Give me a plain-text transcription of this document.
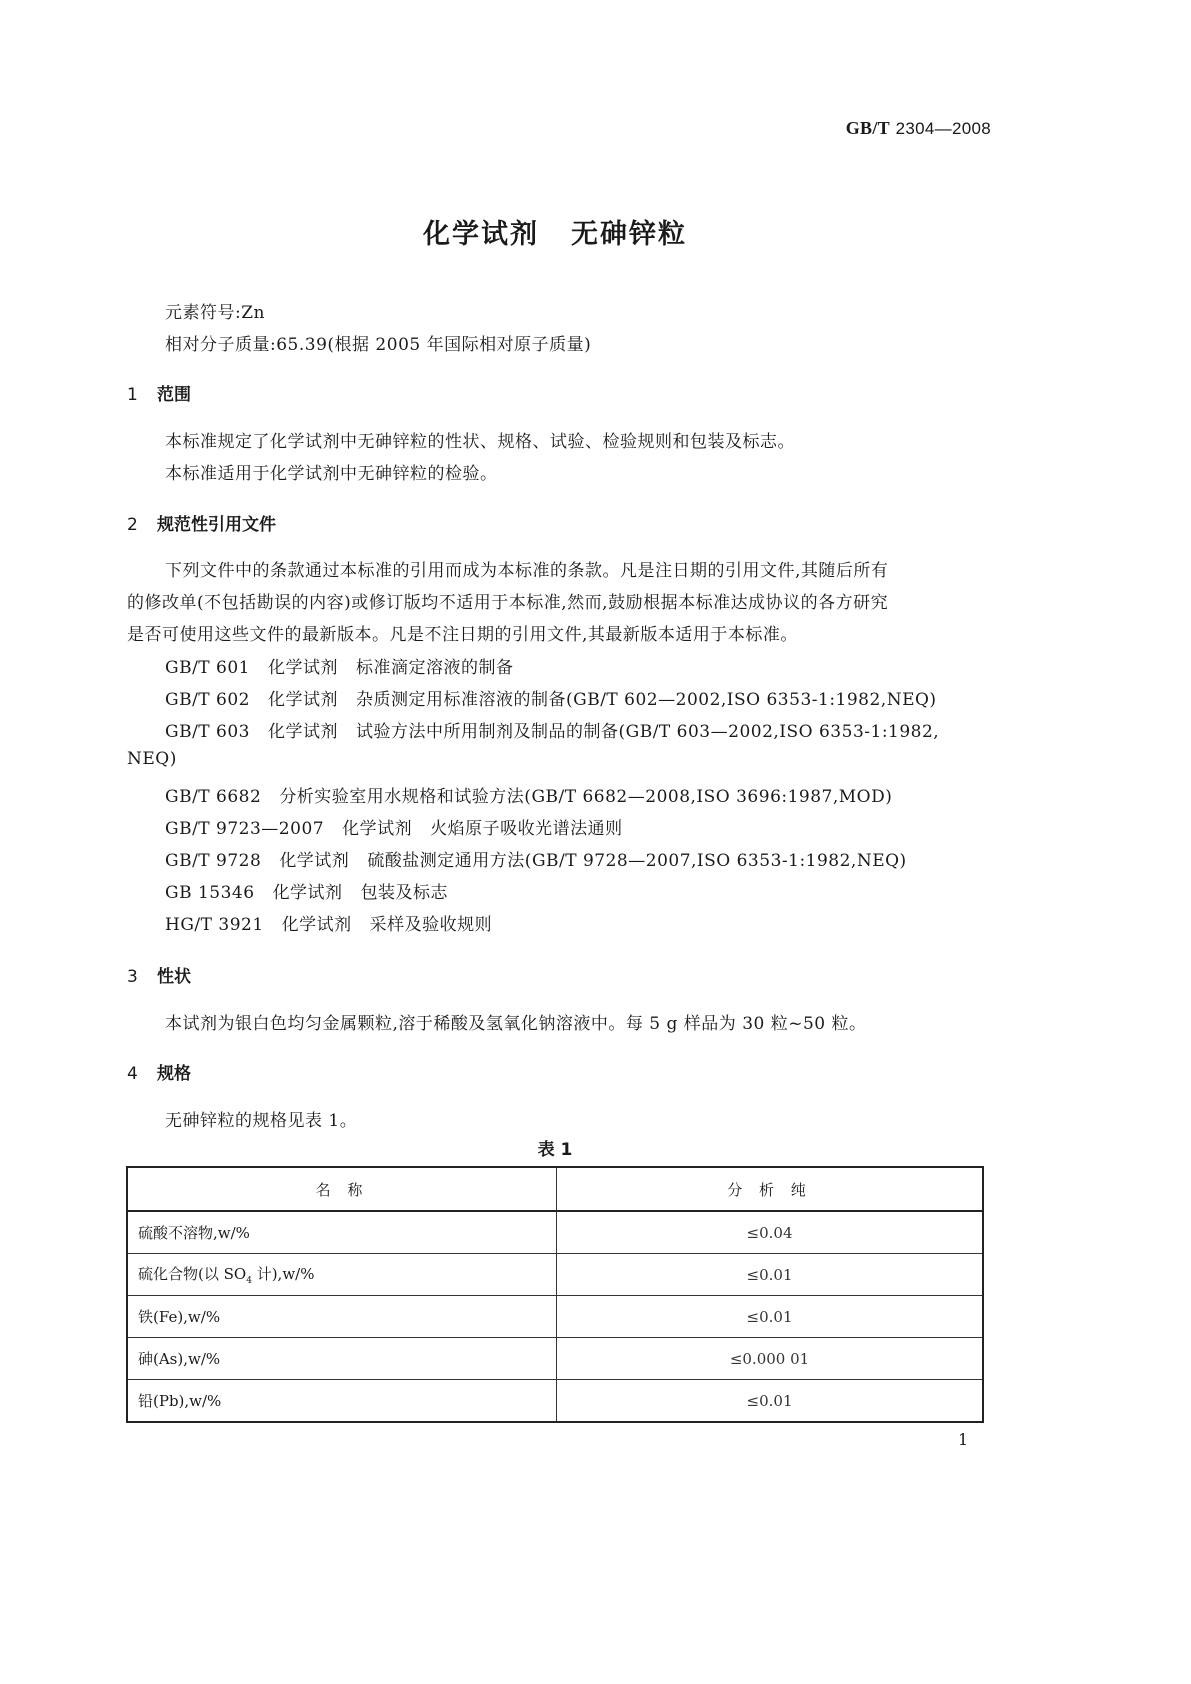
GB/T 2304—2008
化学试剂 无砷锌粒
元素符号:Zn
相对分子质量:65.39(根据 2005 年国际相对原子质量)
1 范围
本标准规定了化学试剂中无砷锌粒的性状、规格、试验、检验规则和包装及标志。
本标准适用于化学试剂中无砷锌粒的检验。
2 规范性引用文件
下列文件中的条款通过本标准的引用而成为本标准的条款。凡是注日期的引用文件,其随后所有
的修改单(不包括勘误的内容)或修订版均不适用于本标准,然而,鼓励根据本标准达成协议的各方研究
是否可使用这些文件的最新版本。凡是不注日期的引用文件,其最新版本适用于本标准。
GB/T 601 化学试剂 标准滴定溶液的制备
GB/T 602 化学试剂 杂质测定用标准溶液的制备(GB/T 602—2002,ISO 6353-1:1982,NEQ)
GB/T 603 化学试剂 试验方法中所用制剂及制品的制备(GB/T 603—2002,ISO 6353-1:1982,
NEQ)
GB/T 6682 分析实验室用水规格和试验方法(GB/T 6682—2008,ISO 3696:1987,MOD)
GB/T 9723—2007 化学试剂 火焰原子吸收光谱法通则
GB/T 9728 化学试剂 硫酸盐测定通用方法(GB/T 9728—2007,ISO 6353-1:1982,NEQ)
GB 15346 化学试剂 包装及标志
HG/T 3921 化学试剂 采样及验收规则
3 性状
本试剂为银白色均匀金属颗粒,溶于稀酸及氢氧化钠溶液中。每 5 g 样品为 30 粒~50 粒。
4 规格
无砷锌粒的规格见表 1。
表 1
名 称	分 析 纯
硫酸不溶物,w/%	≤0.04
硫化合物(以 $SO_4$ 计),w/%	≤0.01
铁(Fe),w/%	≤0.01
砷(As),w/%	≤0.000 01
铅(Pb),w/%	≤0.01
1
